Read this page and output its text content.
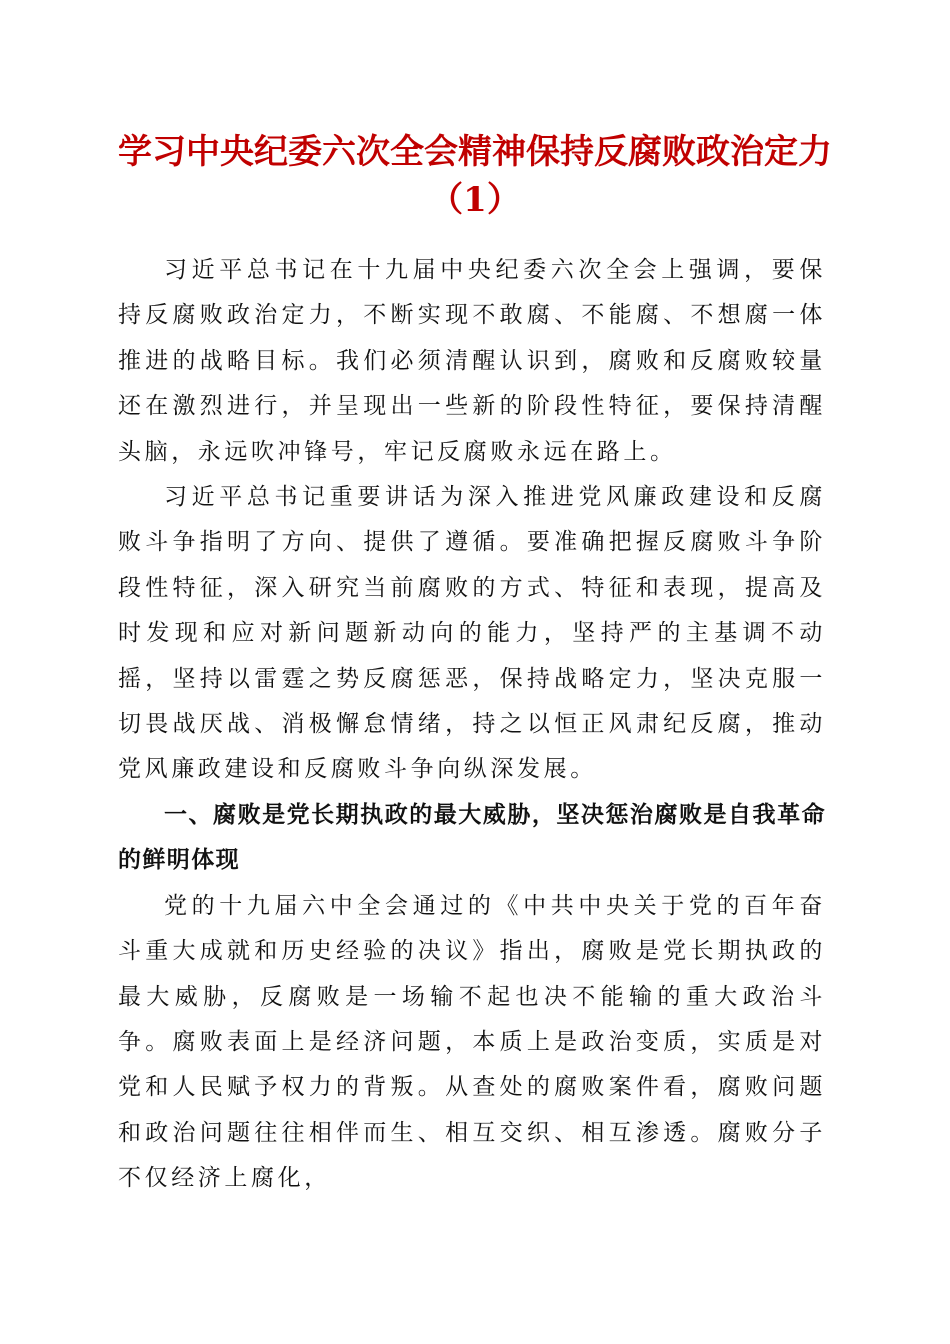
学习中央纪委六次全会精神保持反腐败政治定力（1）

习近平总书记在十九届中央纪委六次全会上强调，要保持反腐败政治定力，不断实现不敢腐、不能腐、不想腐一体推进的战略目标。我们必须清醒认识到，腐败和反腐败较量还在激烈进行，并呈现出一些新的阶段性特征，要保持清醒头脑，永远吹冲锋号，牢记反腐败永远在路上。

习近平总书记重要讲话为深入推进党风廉政建设和反腐败斗争指明了方向、提供了遵循。要准确把握反腐败斗争阶段性特征，深入研究当前腐败的方式、特征和表现，提高及时发现和应对新问题新动向的能力，坚持严的主基调不动摇，坚持以雷霆之势反腐惩恶，保持战略定力，坚决克服一切畏战厌战、消极懈怠情绪，持之以恒正风肃纪反腐，推动党风廉政建设和反腐败斗争向纵深发展。

一、腐败是党长期执政的最大威胁，坚决惩治腐败是自我革命的鲜明体现

党的十九届六中全会通过的《中共中央关于党的百年奋斗重大成就和历史经验的决议》指出，腐败是党长期执政的最大威胁，反腐败是一场输不起也决不能输的重大政治斗争。腐败表面上是经济问题，本质上是政治变质，实质是对党和人民赋予权力的背叛。从查处的腐败案件看，腐败问题和政治问题往往相伴而生、相互交织、相互渗透。腐败分子不仅经济上腐化，
